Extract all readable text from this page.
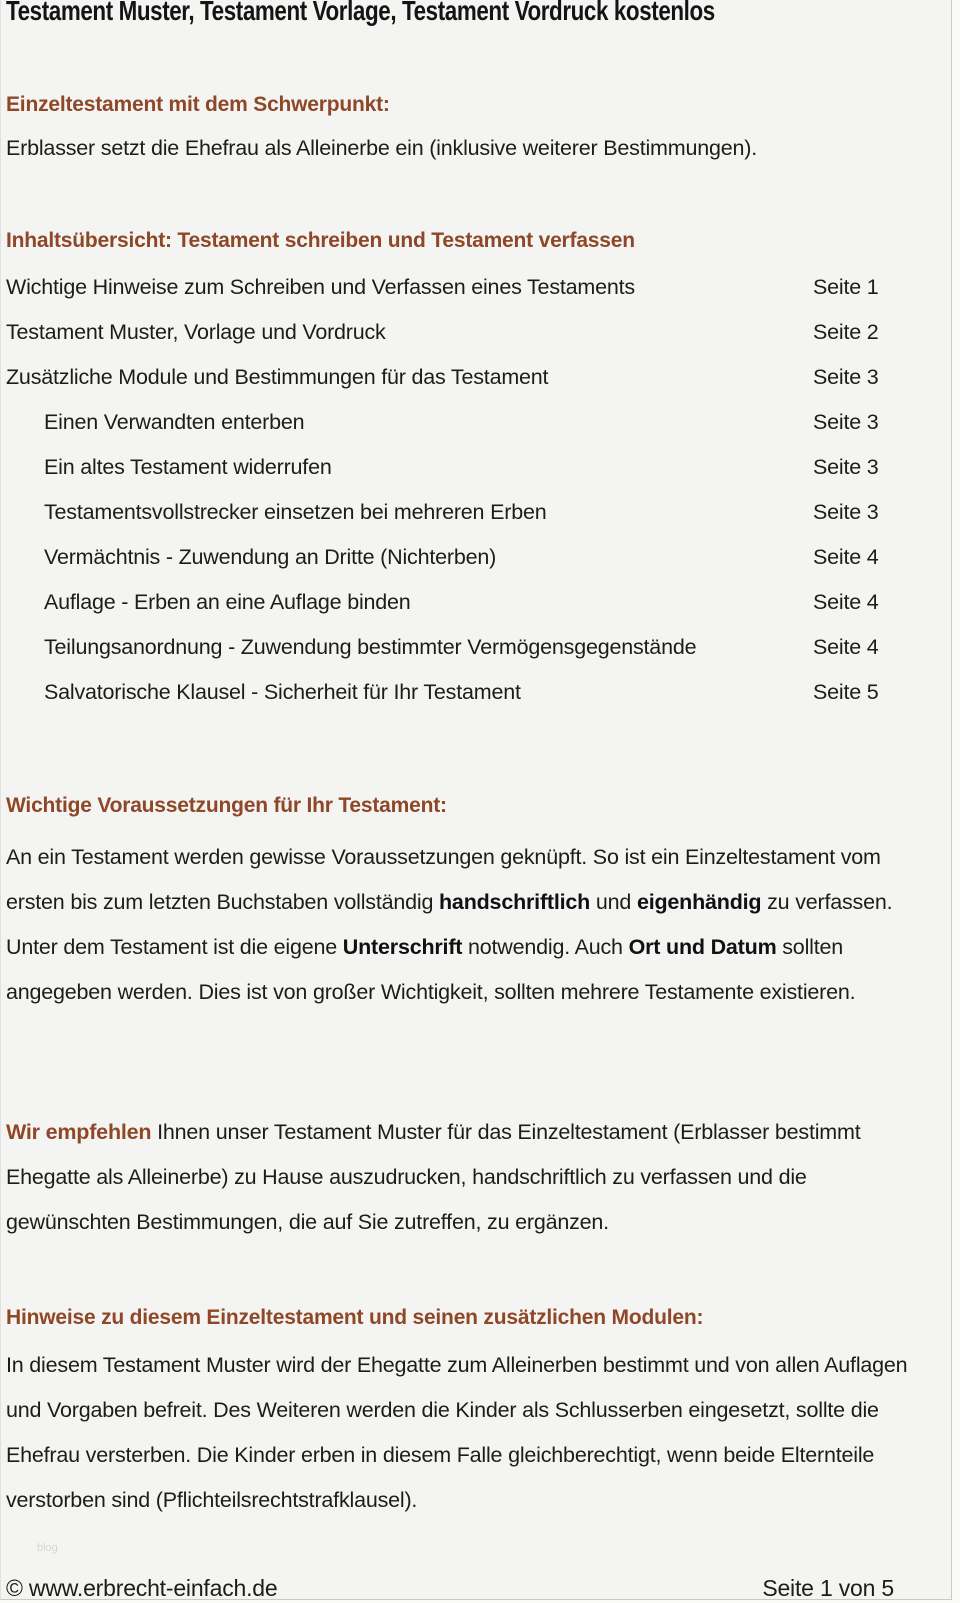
Testament Muster, Testament Vorlage, Testament Vordruck kostenlos
Einzeltestament mit dem Schwerpunkt:
Erblasser setzt die Ehefrau als Alleinerbe ein (inklusive weiterer Bestimmungen).
Inhaltsübersicht: Testament schreiben und Testament verfassen
Wichtige Hinweise zum Schreiben und Verfassen eines Testaments	Seite 1
Testament Muster, Vorlage und Vordruck	Seite 2
Zusätzliche Module und Bestimmungen für das Testament	Seite 3
Einen Verwandten enterben	Seite 3
Ein altes Testament widerrufen	Seite 3
Testamentsvollstrecker einsetzen bei mehreren Erben	Seite 3
Vermächtnis - Zuwendung an Dritte (Nichterben)	Seite 4
Auflage - Erben an eine Auflage binden	Seite 4
Teilungsanordnung - Zuwendung bestimmter Vermögensgegenstände	Seite 4
Salvatorische Klausel - Sicherheit für Ihr Testament	Seite 5
Wichtige Voraussetzungen für Ihr Testament:
An ein Testament werden gewisse Voraussetzungen geknüpft. So ist ein Einzeltestament vom ersten bis zum letzten Buchstaben vollständig handschriftlich und eigenhändig zu verfassen. Unter dem Testament ist die eigene Unterschrift notwendig. Auch Ort und Datum sollten angegeben werden. Dies ist von großer Wichtigkeit, sollten mehrere Testamente existieren.
Wir empfehlen Ihnen unser Testament Muster für das Einzeltestament (Erblasser bestimmt Ehegatte als Alleinerbe) zu Hause auszudrucken, handschriftlich zu verfassen und die gewünschten Bestimmungen, die auf Sie zutreffen, zu ergänzen.
Hinweise zu diesem Einzeltestament und seinen zusätzlichen Modulen:
In diesem Testament Muster wird der Ehegatte zum Alleinerben bestimmt und von allen Auflagen und Vorgaben befreit. Des Weiteren werden die Kinder als Schlusserben eingesetzt, sollte die Ehefrau versterben. Die Kinder erben in diesem Falle gleichberechtigt, wenn beide Elternteile verstorben sind (Pflichteilsrechtstrafklausel).
blog
© www.erbrecht-einfach.de	Seite 1 von 5
